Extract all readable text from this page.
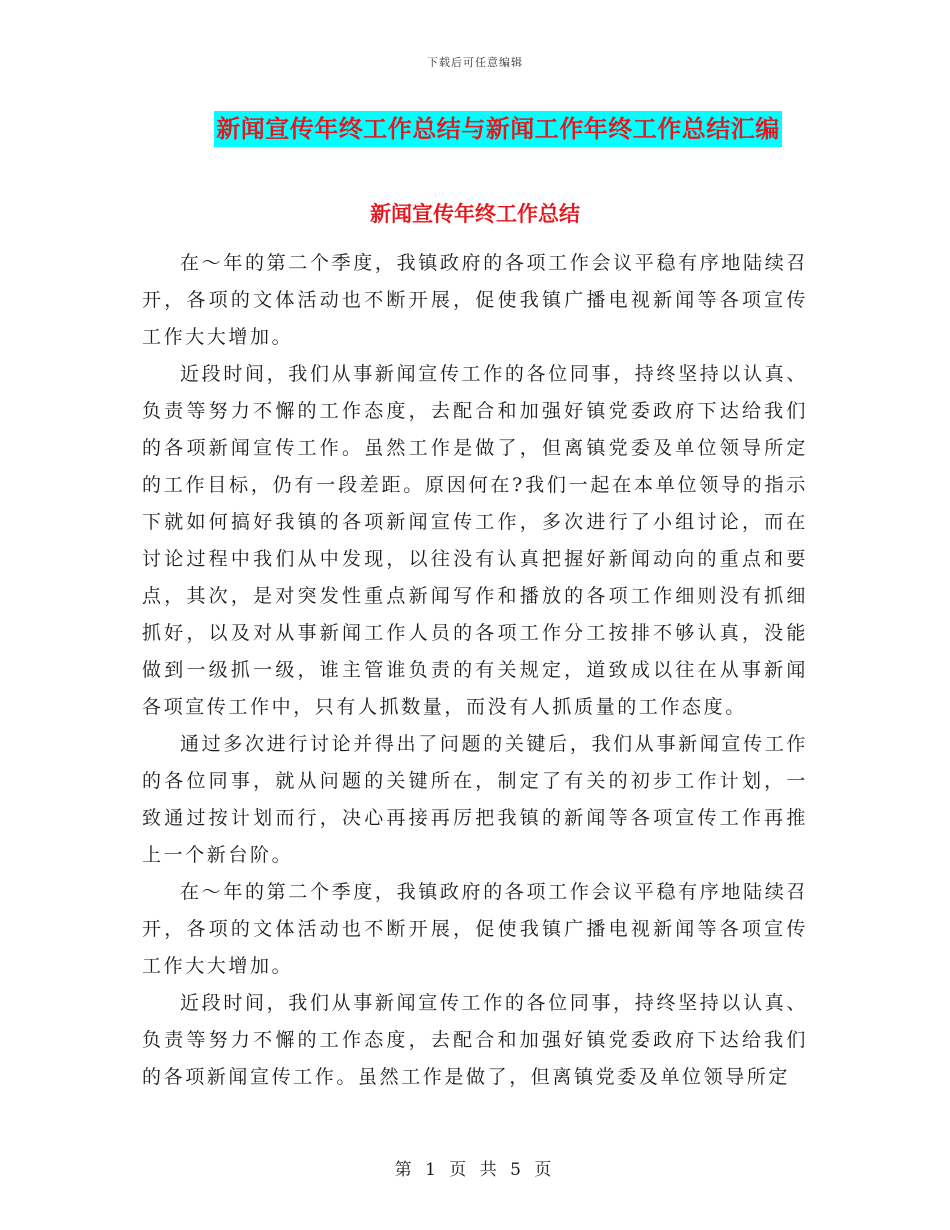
下载后可任意编辑
新闻宣传年终工作总结与新闻工作年终工作总结汇编
新闻宣传年终工作总结

在～年的第二个季度，我镇政府的各项工作会议平稳有序地陆续召开，各项的文体活动也不断开展，促使我镇广播电视新闻等各项宣传工作大大增加。

近段时间，我们从事新闻宣传工作的各位同事，持终坚持以认真、负责等努力不懈的工作态度，去配合和加强好镇党委政府下达给我们的各项新闻宣传工作。虽然工作是做了，但离镇党委及单位领导所定的工作目标，仍有一段差距。原因何在?我们一起在本单位领导的指示下就如何搞好我镇的各项新闻宣传工作，多次进行了小组讨论，而在讨论过程中我们从中发现，以往没有认真把握好新闻动向的重点和要点，其次，是对突发性重点新闻写作和播放的各项工作细则没有抓细抓好，以及对从事新闻工作人员的各项工作分工按排不够认真，没能做到一级抓一级，谁主管谁负责的有关规定，道致成以往在从事新闻各项宣传工作中，只有人抓数量，而没有人抓质量的工作态度。

通过多次进行讨论并得出了问题的关键后，我们从事新闻宣传工作的各位同事，就从问题的关键所在，制定了有关的初步工作计划，一致通过按计划而行，决心再接再厉把我镇的新闻等各项宣传工作再推上一个新台阶。

在～年的第二个季度，我镇政府的各项工作会议平稳有序地陆续召开，各项的文体活动也不断开展，促使我镇广播电视新闻等各项宣传工作大大增加。

近段时间，我们从事新闻宣传工作的各位同事，持终坚持以认真、负责等努力不懈的工作态度，去配合和加强好镇党委政府下达给我们的各项新闻宣传工作。虽然工作是做了，但离镇党委及单位领导所定

第 1 页 共 5 页
